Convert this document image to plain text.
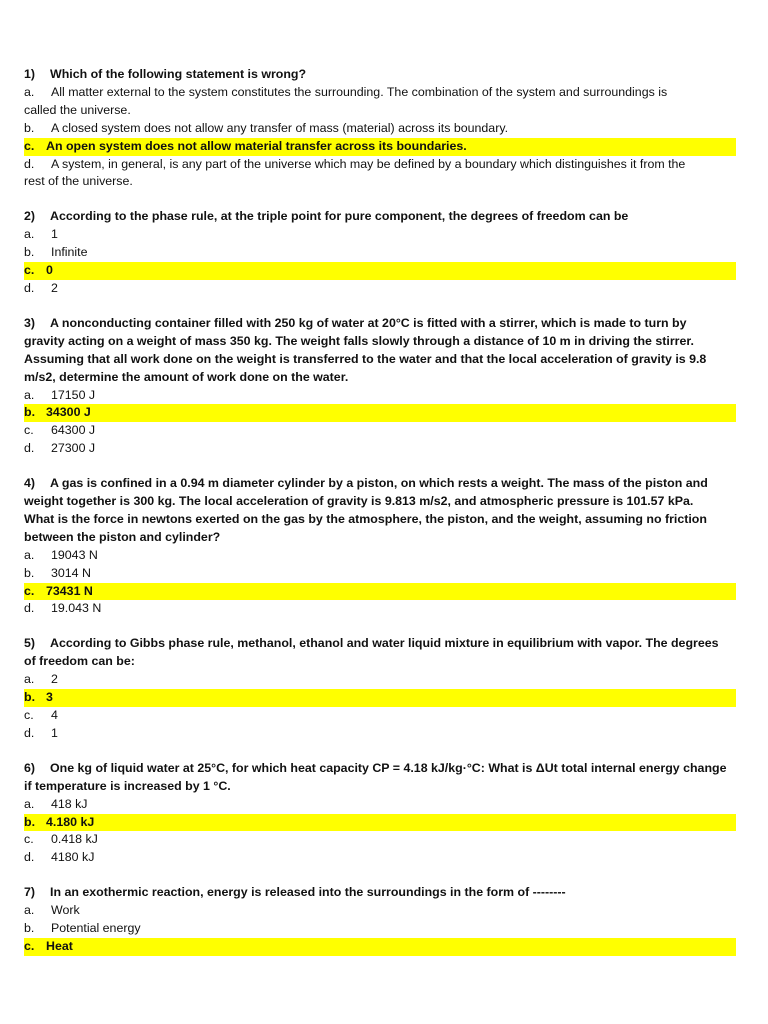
1) Which of the following statement is wrong?
a. All matter external to the system constitutes the surrounding. The combination of the system and surroundings is
called the universe.
b. A closed system does not allow any transfer of mass (material) across its boundary.
c. An open system does not allow material transfer across its boundaries.
d. A system, in general, is any part of the universe which may be defined by a boundary which distinguishes it from the
rest of the universe.
2) According to the phase rule, at the triple point for pure component, the degrees of freedom can be
a. 1
b. Infinite
c. 0
d. 2
3) A nonconducting container filled with 250 kg of water at 20°C is fitted with a stirrer, which is made to turn by
gravity acting on a weight of mass 350 kg. The weight falls slowly through a distance of 10 m in driving the stirrer.
Assuming that all work done on the weight is transferred to the water and that the local acceleration of gravity is 9.8
m/s2, determine the amount of work done on the water.
a. 17150 J
b. 34300 J
c. 64300 J
d. 27300 J
4) A gas is confined in a 0.94 m diameter cylinder by a piston, on which rests a weight. The mass of the piston and
weight together is 300 kg. The local acceleration of gravity is 9.813 m/s2, and atmospheric pressure is 101.57 kPa.
What is the force in newtons exerted on the gas by the atmosphere, the piston, and the weight, assuming no friction
between the piston and cylinder?
a. 19043 N
b. 3014 N
c. 73431 N
d. 19.043 N
5) According to Gibbs phase rule, methanol, ethanol and water liquid mixture in equilibrium with vapor. The degrees
of freedom can be:
a. 2
b. 3
c. 4
d. 1
6) One kg of liquid water at 25°C, for which heat capacity CP = 4.18 kJ/kg·°C: What is ΔUt total internal energy change
if temperature is increased by 1 °C.
a. 418 kJ
b. 4.180 kJ
c. 0.418 kJ
d. 4180 kJ
7) In an exothermic reaction, energy is released into the surroundings in the form of --------
a. Work
b. Potential energy
c. Heat
